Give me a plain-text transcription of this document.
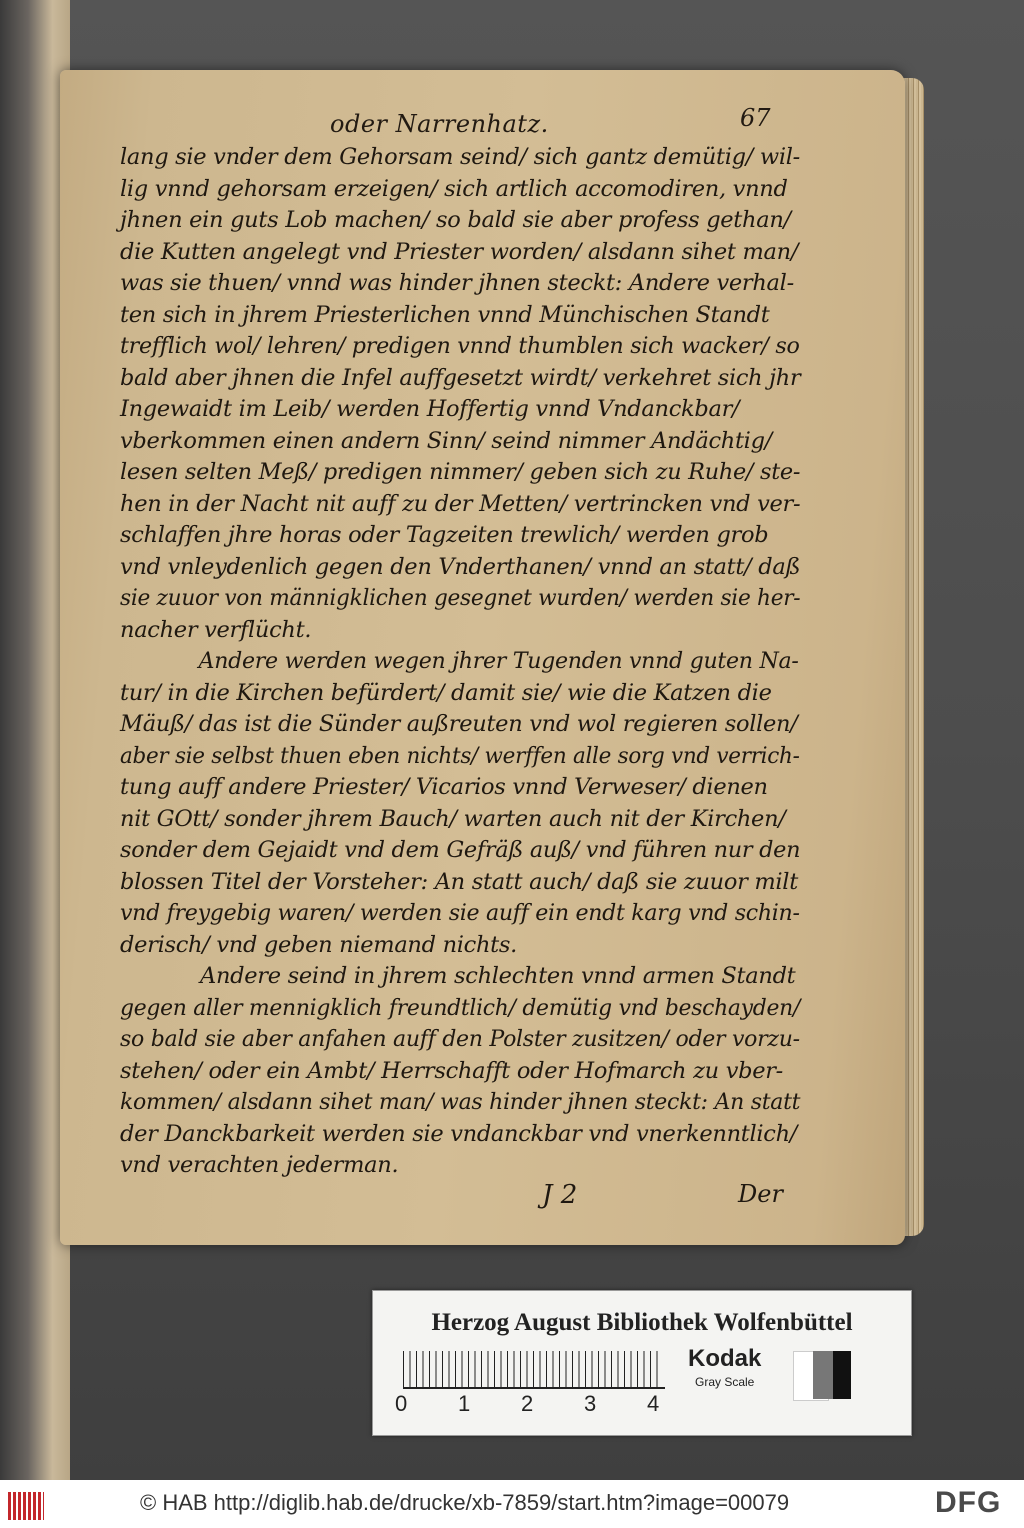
oder Narrenhatz.	67
lang sie vnder dem Gehorsam seind/ sich gantz demütig/ wil-
lig vnnd gehorsam erzeigen/ sich artlich accomodiren, vnnd
jhnen ein guts Lob machen/ so bald sie aber profess gethan/
die Kutten angelegt vnd Priester worden/ alsdann sihet man/
was sie thuen/ vnnd was hinder jhnen steckt: Andere verhal-
ten sich in jhrem Priesterlichen vnnd Münchischen Standt
trefflich wol/ lehren/ predigen vnnd thumblen sich wacker/ so
bald aber jhnen die Infel auffgesetzt wirdt/ verkehret sich jhr
Ingewaidt im Leib/ werden Hoffertig vnnd Vndanckbar/
vberkommen einen andern Sinn/ seind nimmer Andächtig/
lesen selten Meß/ predigen nimmer/ geben sich zu Ruhe/ ste-
hen in der Nacht nit auff zu der Metten/ vertrincken vnd ver-
schlaffen jhre horas oder Tagzeiten trewlich/ werden grob
vnd vnleydenlich gegen den Vnderthanen/ vnnd an statt/ daß
sie zuuor von männigklichen gesegnet wurden/ werden sie her-
nacher verflücht.
Andere werden wegen jhrer Tugenden vnnd guten Na-
tur/ in die Kirchen befürdert/ damit sie/ wie die Katzen die
Mäuß/ das ist die Sünder außreuten vnd wol regieren sollen/
aber sie selbst thuen eben nichts/ werffen alle sorg vnd verrich-
tung auff andere Priester/ Vicarios vnnd Verweser/ dienen
nit GOtt/ sonder jhrem Bauch/ warten auch nit der Kirchen/
sonder dem Gejaidt vnd dem Gefräß auß/ vnd führen nur den
blossen Titel der Vorsteher: An statt auch/ daß sie zuuor milt
vnd freygebig waren/ werden sie auff ein endt karg vnd schin-
derisch/ vnd geben niemand nichts.
Andere seind in jhrem schlechten vnnd armen Standt
gegen aller mennigklich freundtlich/ demütig vnd beschayden/
so bald sie aber anfahen auff den Polster zusitzen/ oder vorzu-
stehen/ oder ein Ambt/ Herrschafft oder Hofmarch zu vber-
kommen/ alsdann sihet man/ was hinder jhnen steckt: An statt
der Danckbarkeit werden sie vndanckbar vnd vnerkenntlich/
vnd verachten jederman.
J 2	Der
Herzog August Bibliothek Wolfenbüttel
0 1 2 3 4
Kodak
Gray Scale
© HAB http://diglib.hab.de/drucke/xb-7859/start.htm?image=00079	DFG
